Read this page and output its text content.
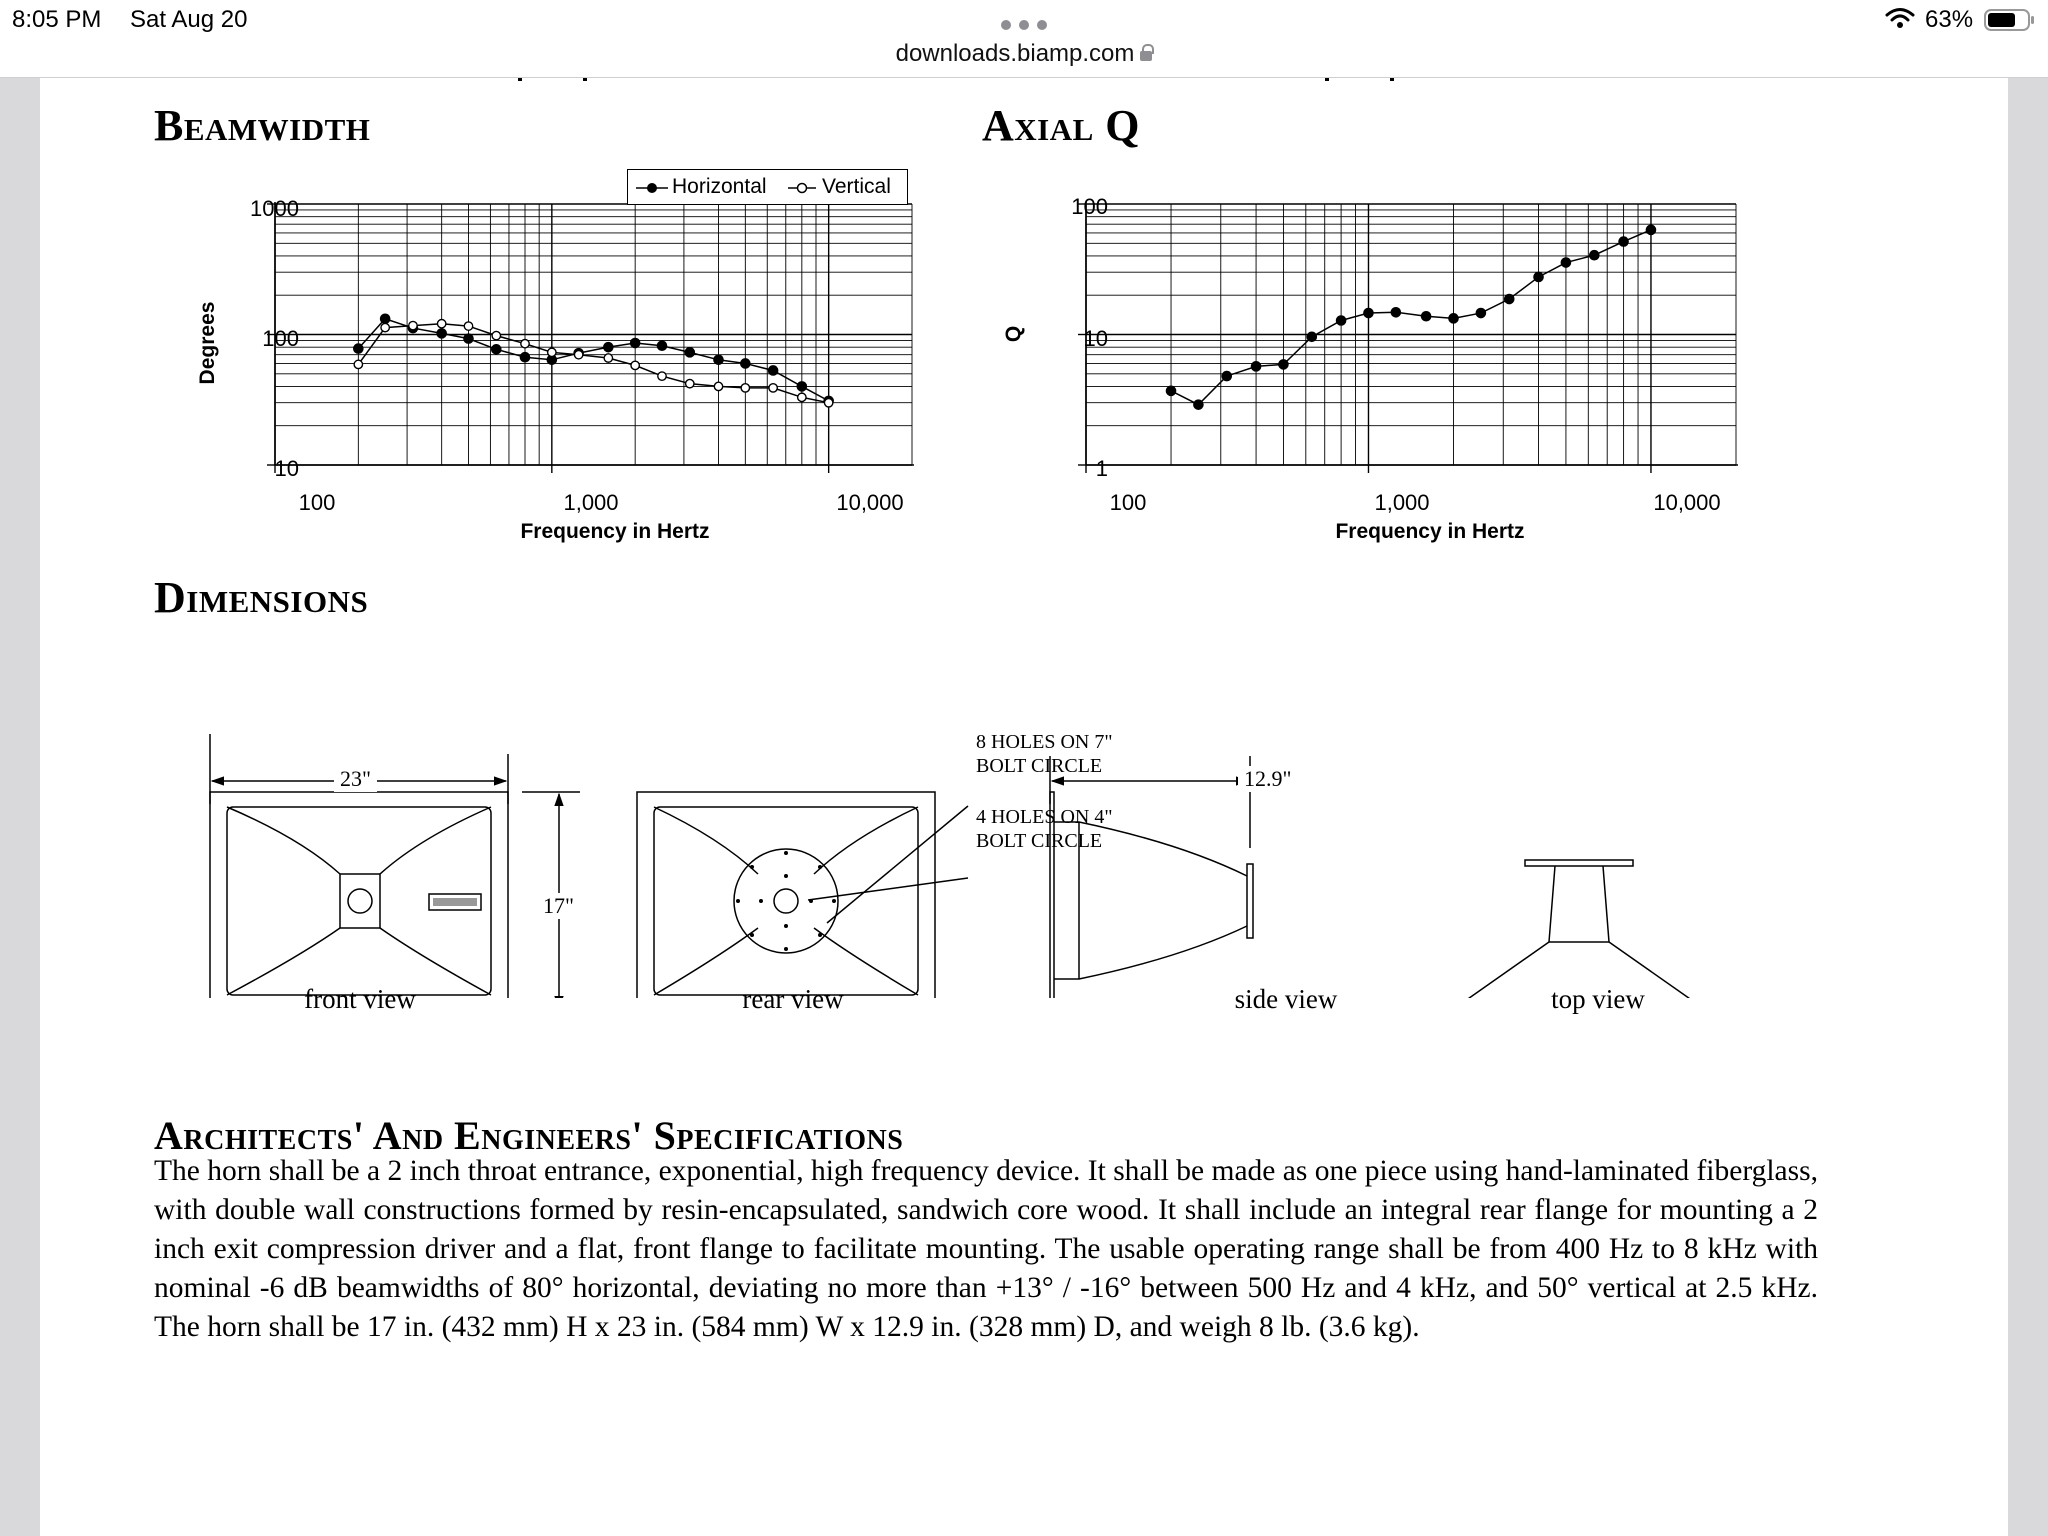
8:05 PM Sat Aug 20
downloads.biamp.com
63%
Beamwidth
1000
100
10
Degrees
100	1,000	10,000
Frequency in Hertz
Horizontal	Vertical
Axial Q
100
10
1
Q
100	1,000	10,000
Frequency in Hertz
Dimensions
23"
17"
12.9"
8 HOLES ON 7"
BOLT CIRCLE
4 HOLES ON 4"
BOLT CIRCLE
front view	rear view	side view	top view
Architects' And Engineers' Specifications
The horn shall be a 2 inch throat entrance, exponential, high frequency device. It shall be made as one piece using hand-laminated fiberglass, with double wall constructions formed by resin-encapsulated, sandwich core wood. It shall include an integral rear flange for mounting a 2 inch exit compression driver and a flat, front flange to facilitate mounting. The usable operating range shall be from 400 Hz to 8 kHz with nominal -6 dB beamwidths of 80° horizontal, deviating no more than +13° / -16° between 500 Hz and 4 kHz, and 50° vertical at 2.5 kHz. The horn shall be 17 in. (432 mm) H x 23 in. (584 mm) W x 12.9 in. (328 mm) D, and weigh 8 lb. (3.6 kg).
